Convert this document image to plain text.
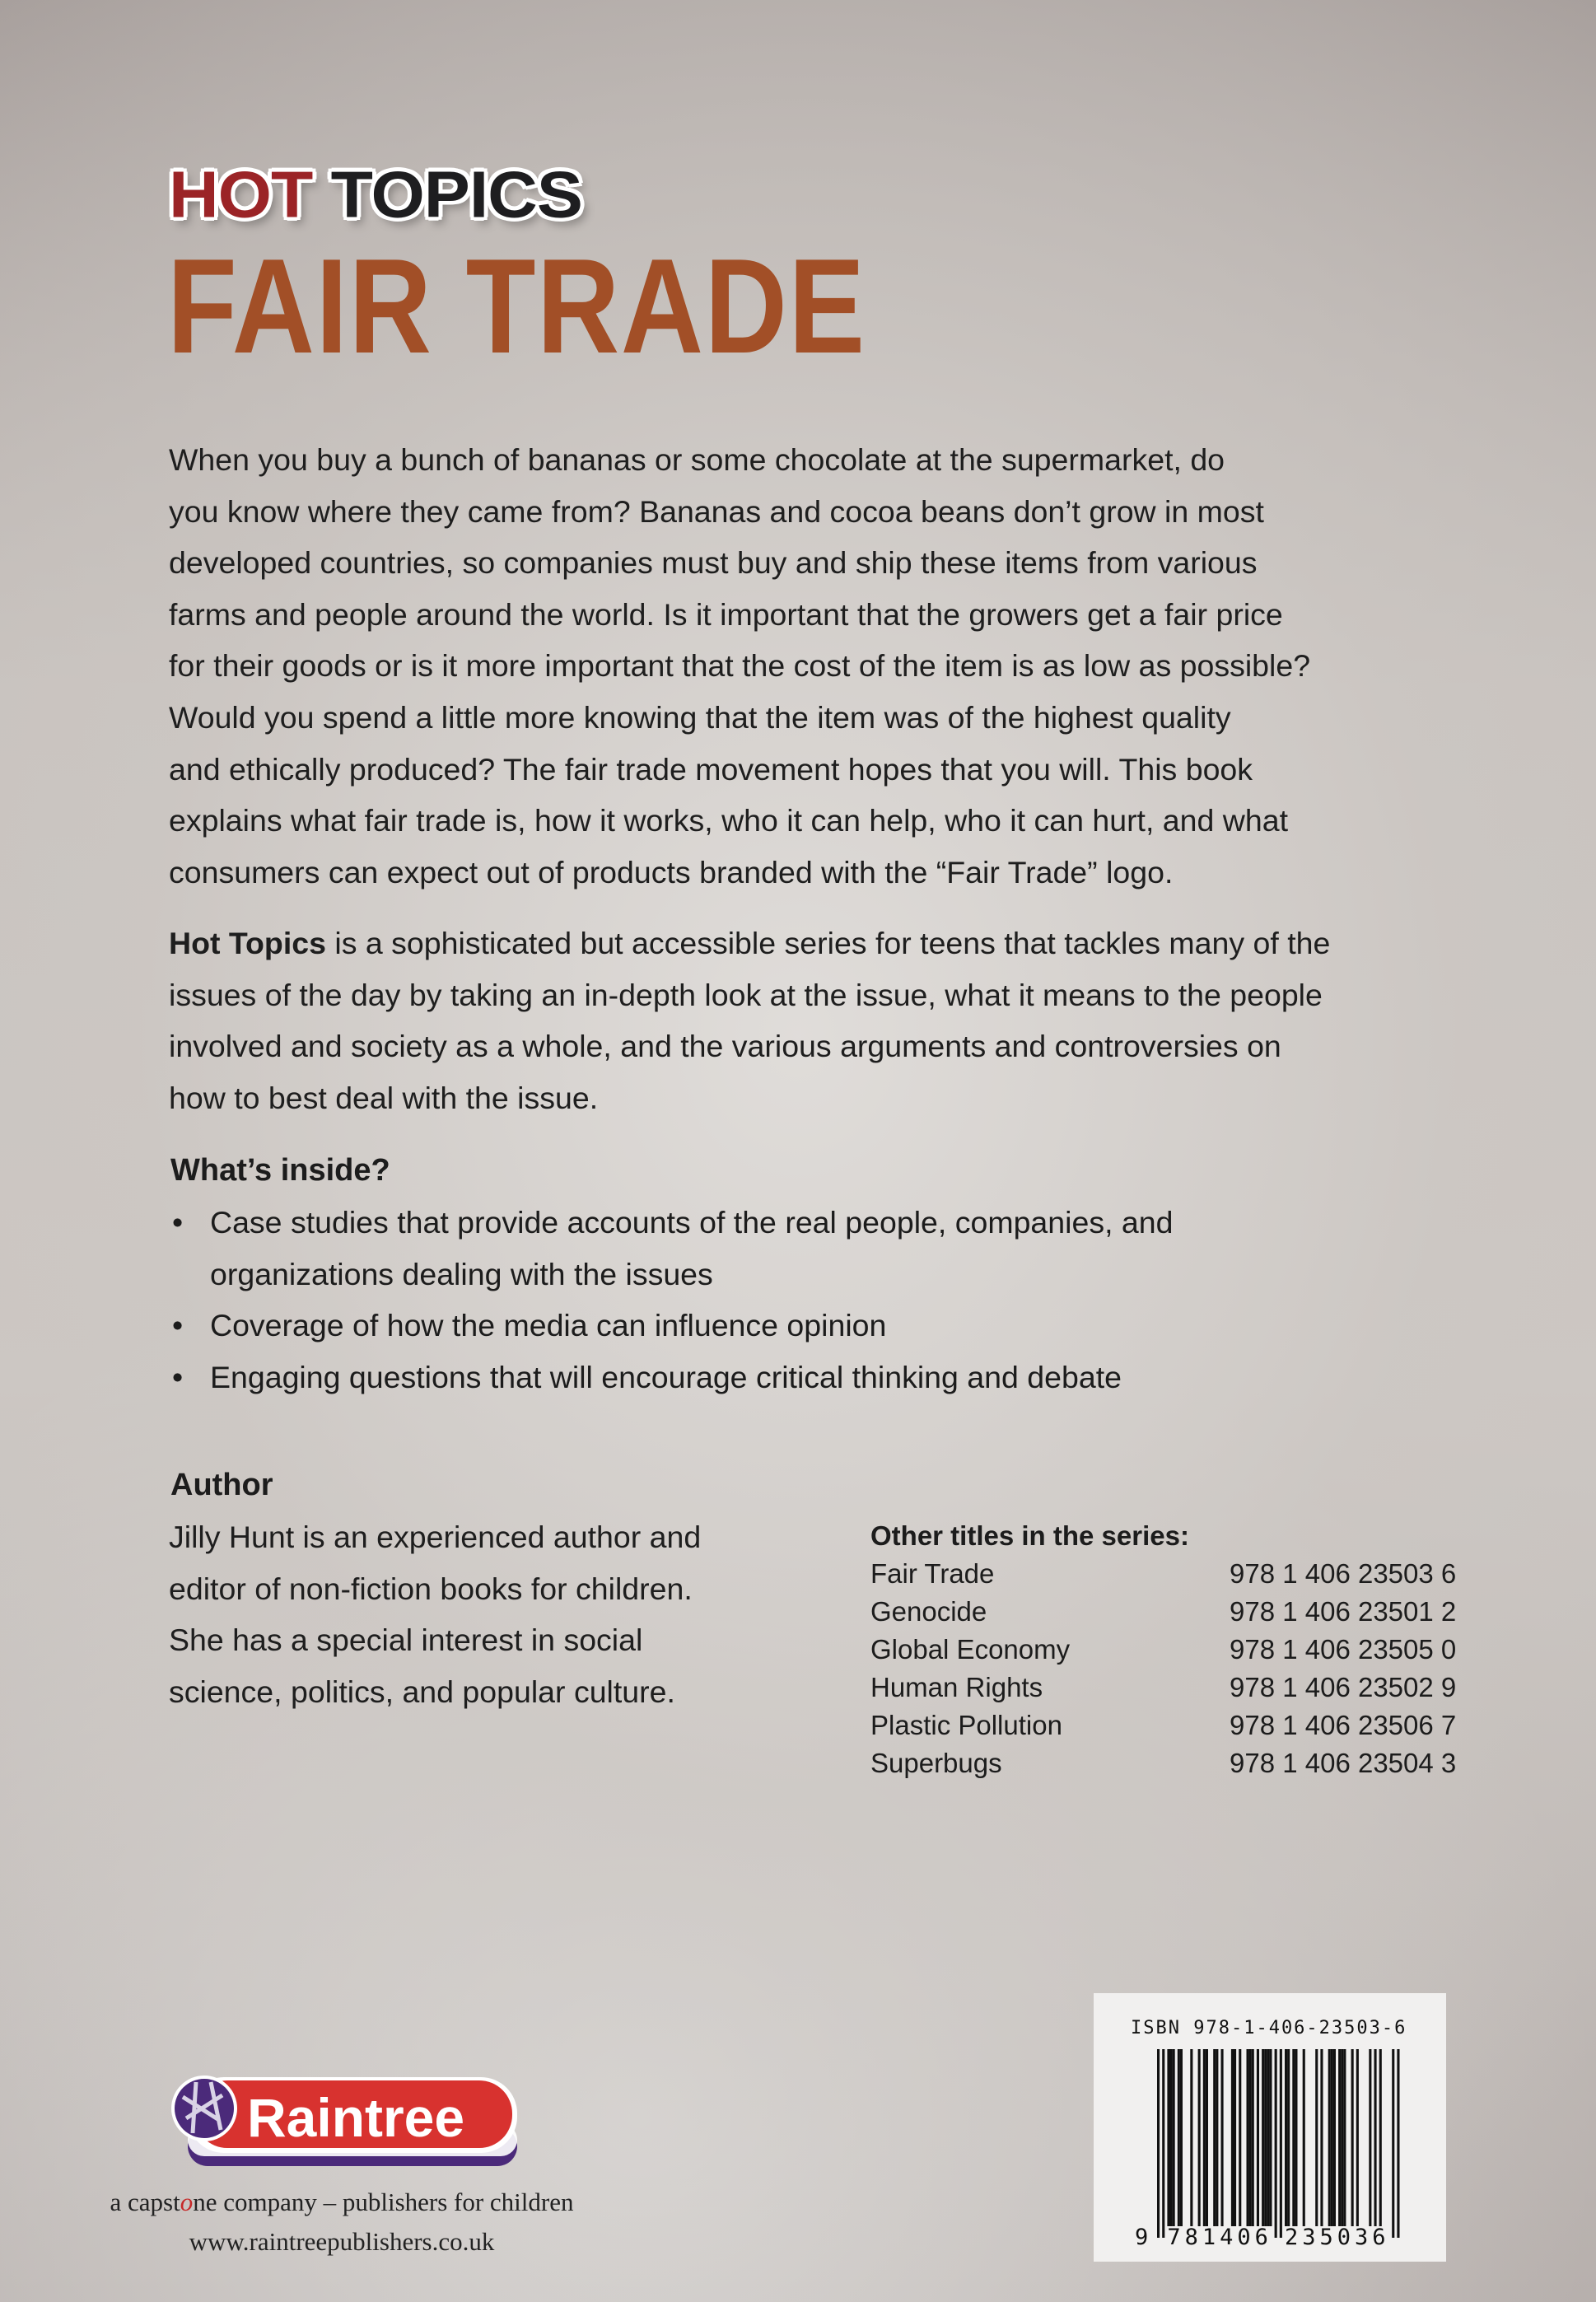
HOT TOPICS
FAIR TRADE
When you buy a bunch of bananas or some chocolate at the supermarket, do
you know where they came from? Bananas and cocoa beans don’t grow in most
developed countries, so companies must buy and ship these items from various
farms and people around the world. Is it important that the growers get a fair price
for their goods or is it more important that the cost of the item is as low as possible?
Would you spend a little more knowing that the item was of the highest quality
and ethically produced? The fair trade movement hopes that you will. This book
explains what fair trade is, how it works, who it can help, who it can hurt, and what
consumers can expect out of products branded with the “Fair Trade” logo.
Hot Topics is a sophisticated but accessible series for teens that tackles many of the
issues of the day by taking an in-depth look at the issue, what it means to the people
involved and society as a whole, and the various arguments and controversies on
how to best deal with the issue.
What’s inside?
• Case studies that provide accounts of the real people, companies, and
organizations dealing with the issues
• Coverage of how the media can influence opinion
• Engaging questions that will encourage critical thinking and debate
Author
Jilly Hunt is an experienced author and
editor of non-fiction books for children.
She has a special interest in social
science, politics, and popular culture.
Other titles in the series:
Fair Trade	978 1 406 23503 6
Genocide	978 1 406 23501 2
Global Economy	978 1 406 23505 0
Human Rights	978 1 406 23502 9
Plastic Pollution	978 1 406 23506 7
Superbugs	978 1 406 23504 3
ISBN 978-1-406-23503-6
9 781406 235036
Raintree
a capstone company – publishers for children
www.raintreepublishers.co.uk
